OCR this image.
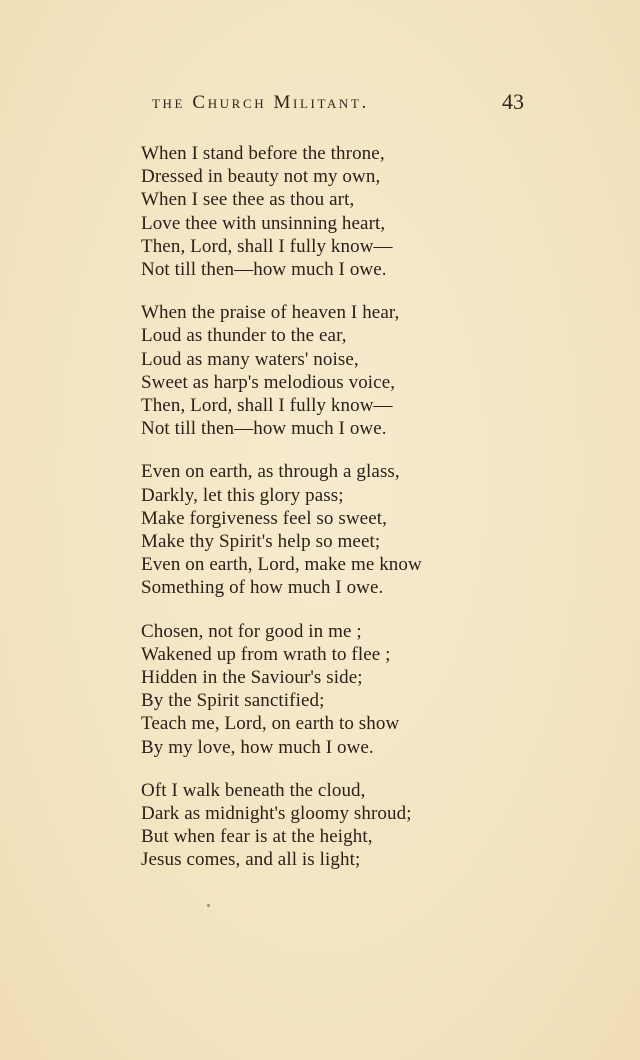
the Church Militant.	43
When I stand before the throne,
Dressed in beauty not my own,
When I see thee as thou art,
Love thee with unsinning heart,
Then, Lord, shall I fully know—
Not till then—how much I owe.
When the praise of heaven I hear,
Loud as thunder to the ear,
Loud as many waters' noise,
Sweet as harp's melodious voice,
Then, Lord, shall I fully know—
Not till then—how much I owe.
Even on earth, as through a glass,
Darkly, let this glory pass;
Make forgiveness feel so sweet,
Make thy Spirit's help so meet;
Even on earth, Lord, make me know
Something of how much I owe.
Chosen, not for good in me ;
Wakened up from wrath to flee ;
Hidden in the Saviour's side;
By the Spirit sanctified;
Teach me, Lord, on earth to show
By my love, how much I owe.
Oft I walk beneath the cloud,
Dark as midnight's gloomy shroud;
But when fear is at the height,
Jesus comes, and all is light;
